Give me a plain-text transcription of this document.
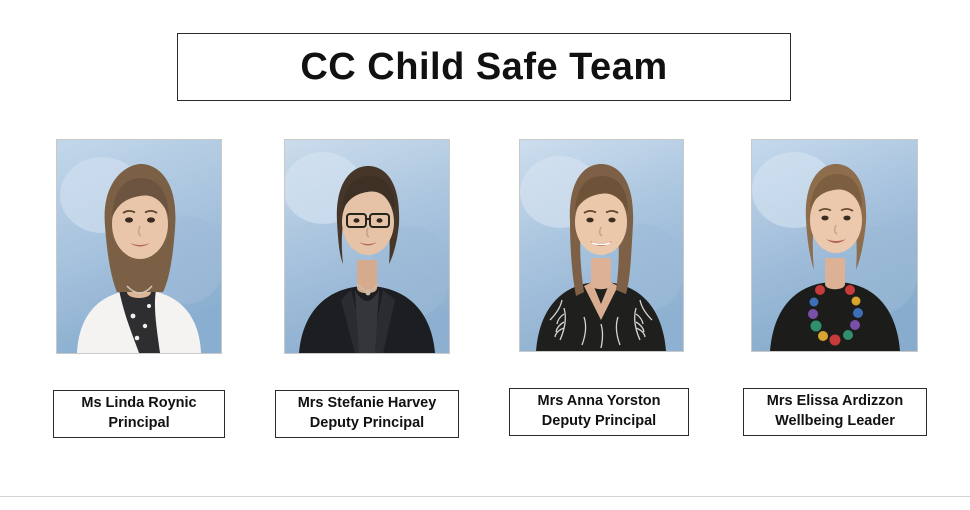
CC Child Safe Team
Ms Linda Roynic
Principal
Mrs Stefanie Harvey
Deputy Principal
Mrs Anna Yorston
Deputy Principal
Mrs Elissa Ardizzon
Wellbeing Leader
